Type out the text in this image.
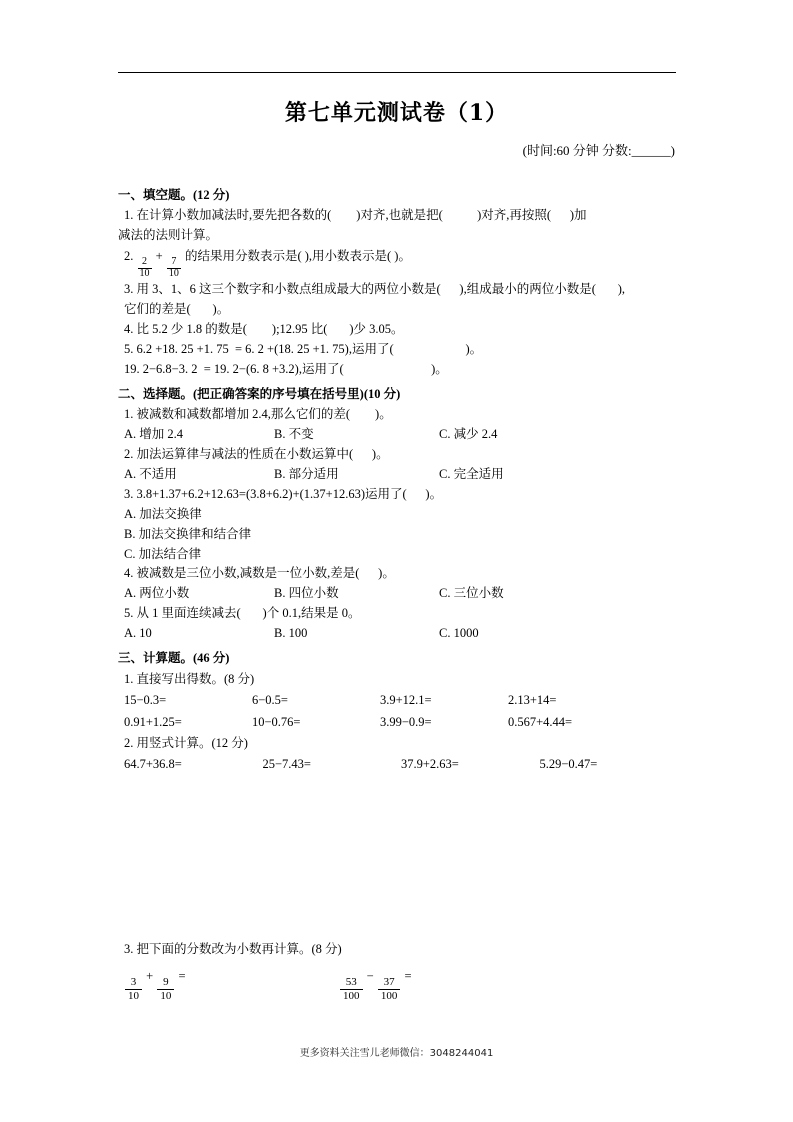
第七单元测试卷（1）
(时间:60 分钟 分数:______)
一、填空题。(12 分)
1. 在计算小数加减法时,要先把各数的(        )对齐,也就是把(           )对齐,再按照(      )加
减法的法则计算。
2.
$\frac{2}{10}$
+
$\frac{7}{10}$
的结果用分数表示是( ),用小数表示是( )。
3. 用 3、1、6 这三个数字和小数点组成最大的两位小数是(      ),组成最小的两位小数是(       ),
它们的差是(       )。
4. 比 5.2 少 1.8 的数是(        );12.95 比(       )少 3.05。
5. 6.2 +18. 25 +1. 75  = 6. 2 +(18. 25 +1. 75),运用了(                       )。
19. 2−6.8−3. 2  = 19. 2−(6. 8 +3.2),运用了(                            )。
二、选择题。(把正确答案的序号填在括号里)(10 分)
1. 被减数和减数都增加 2.4,那么它们的差(        )。
A. 增加 2.4	B. 不变	C. 减少 2.4
2. 加法运算律与减法的性质在小数运算中(      )。
A. 不适用	B. 部分适用	C. 完全适用
3. 3.8+1.37+6.2+12.63=(3.8+6.2)+(1.37+12.63)运用了(      )。
A. 加法交换律
B. 加法交换律和结合律
C. 加法结合律
4. 被减数是三位小数,减数是一位小数,差是(      )。
A. 两位小数	B. 四位小数	C. 三位小数
5. 从 1 里面连续减去(       )个 0.1,结果是 0。
A. 10	B. 100	C. 1000
三、计算题。(46 分)
1. 直接写出得数。(8 分)
15−0.3=	6−0.5=	3.9+12.1=	2.13+14=
0.91+1.25=	10−0.76=	3.99−0.9=	0.567+4.44=
2. 用竖式计算。(12 分)
64.7+36.8=	25−7.43=	37.9+2.63=	5.29−0.47=
3. 把下面的分数改为小数再计算。(8 分)
$\frac{3}{10}$
+
$\frac{9}{10}$
=
$\frac{53}{100}$
−
$\frac{37}{100}$
=
更多资料关注雪儿老师微信：3048244041
